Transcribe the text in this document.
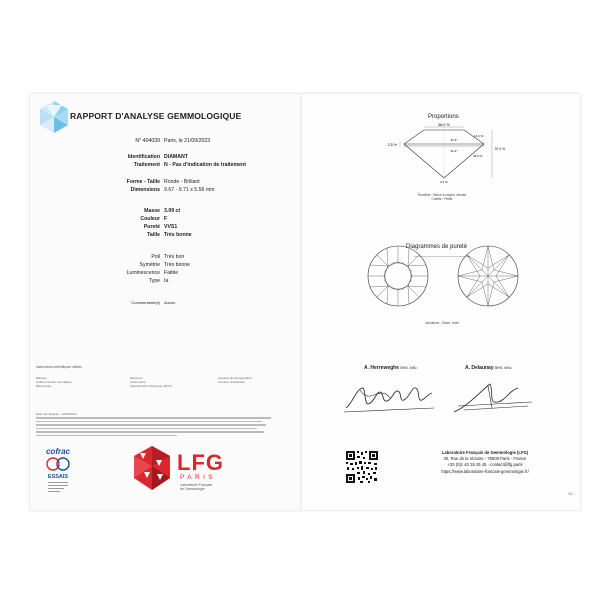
RAPPORT D'ANALYSE GEMMOLOGIQUE
N° 404039 Paris, le 21/09/2023
Identification DIAMANT
Traitement N - Pas d'indication de traitement
Forme - Taille Ronde - Brillant
Dimensions 9.67 - 9.71 x 5.56 mm
Masse 3.09 ct
Couleur F
Pureté VVS1
Taille Très bonne
Poli Très bon
Symétrie Très bonne
Luminescence Faible
Type Ia
Commentaire(s) Aucun
Instruments scientifiques utilisés
Balance
Cabine lumière normalisée
Microscope
Mesureur
Colorimètre
Spectromètre infrarouge (IRTF)
Appareil de photographie
Lumière ultraviolette
Date de l'analyse : 12/09/2023
cofrac
ESSAIS
LFG
PARIS
Laboratoire Français
de Gemmologie
Proportions
56.0 %
2.5 %
33.3°
41.4°
13.1 %
43.6 %
57.4 %
0.4 %
Rondiste : Mince à moyen, dénoté
Colette : Petite
Diagrammes de pureté
Inclusions : Glace, nuée
A. Herreweghe BHS, MSc	A. Delaunay BHS, MSc
Laboratoire Français de Gemmologie (LFG)
30, Rue de la Victoire - 75009 Paris - France
+33 (0)1 40 26 25 45 - contact@lfg.paris
https://www.laboratoire-francais-gemmologie.fr/
1/1
